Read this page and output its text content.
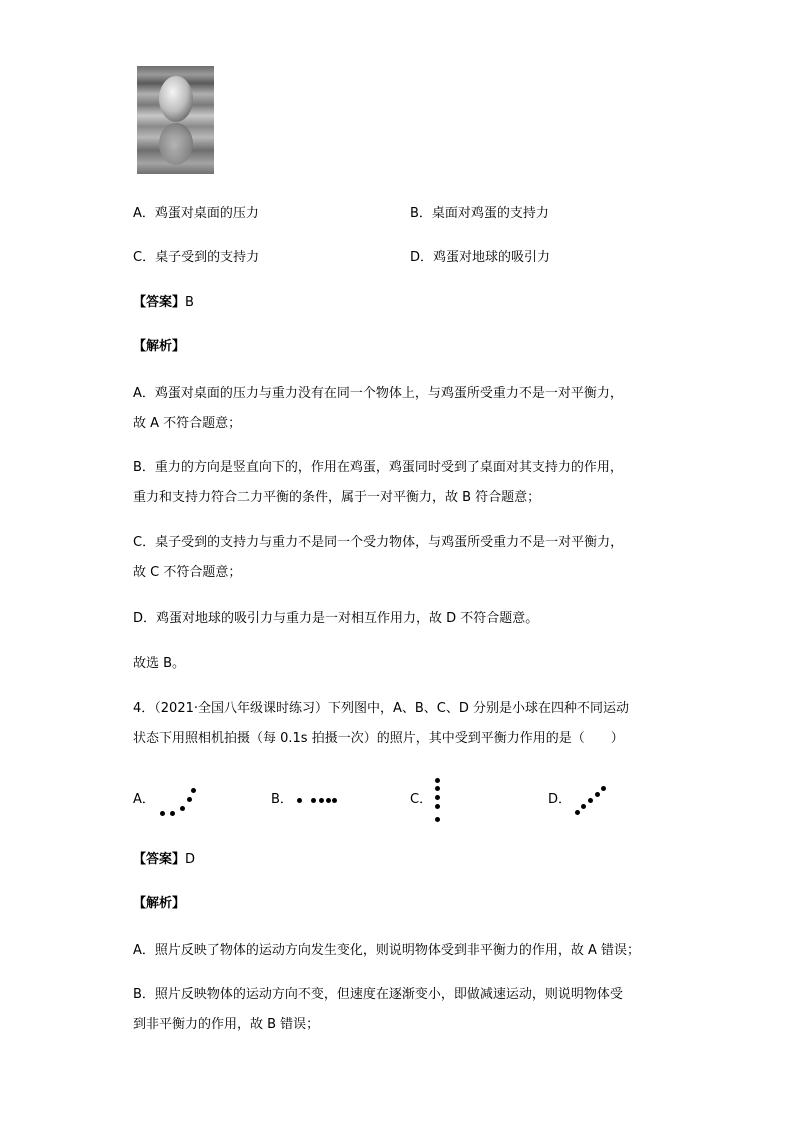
A．鸡蛋对桌面的压力	B．桌面对鸡蛋的支持力
C．桌子受到的支持力	D．鸡蛋对地球的吸引力
【答案】B
【解析】
A．鸡蛋对桌面的压力与重力没有在同一个物体上，与鸡蛋所受重力不是一对平衡力，
故 A 不符合题意；
B．重力的方向是竖直向下的，作用在鸡蛋，鸡蛋同时受到了桌面对其支持力的作用，
重力和支持力符合二力平衡的条件，属于一对平衡力，故 B 符合题意；
C．桌子受到的支持力与重力不是同一个受力物体，与鸡蛋所受重力不是一对平衡力，
故 C 不符合题意；
D．鸡蛋对地球的吸引力与重力是一对相互作用力，故 D 不符合题意。
故选 B。
4．（2021·全国八年级课时练习）下列图中，A、B、C、D 分别是小球在四种不同运动
状态下用照相机拍摄（每 0.1s 拍摄一次）的照片，其中受到平衡力作用的是（　　）
A．	B．	C．	D．
【答案】D
【解析】
A．照片反映了物体的运动方向发生变化，则说明物体受到非平衡力的作用，故 A 错误；
B．照片反映物体的运动方向不变，但速度在逐渐变小，即做减速运动，则说明物体受
到非平衡力的作用，故 B 错误；
